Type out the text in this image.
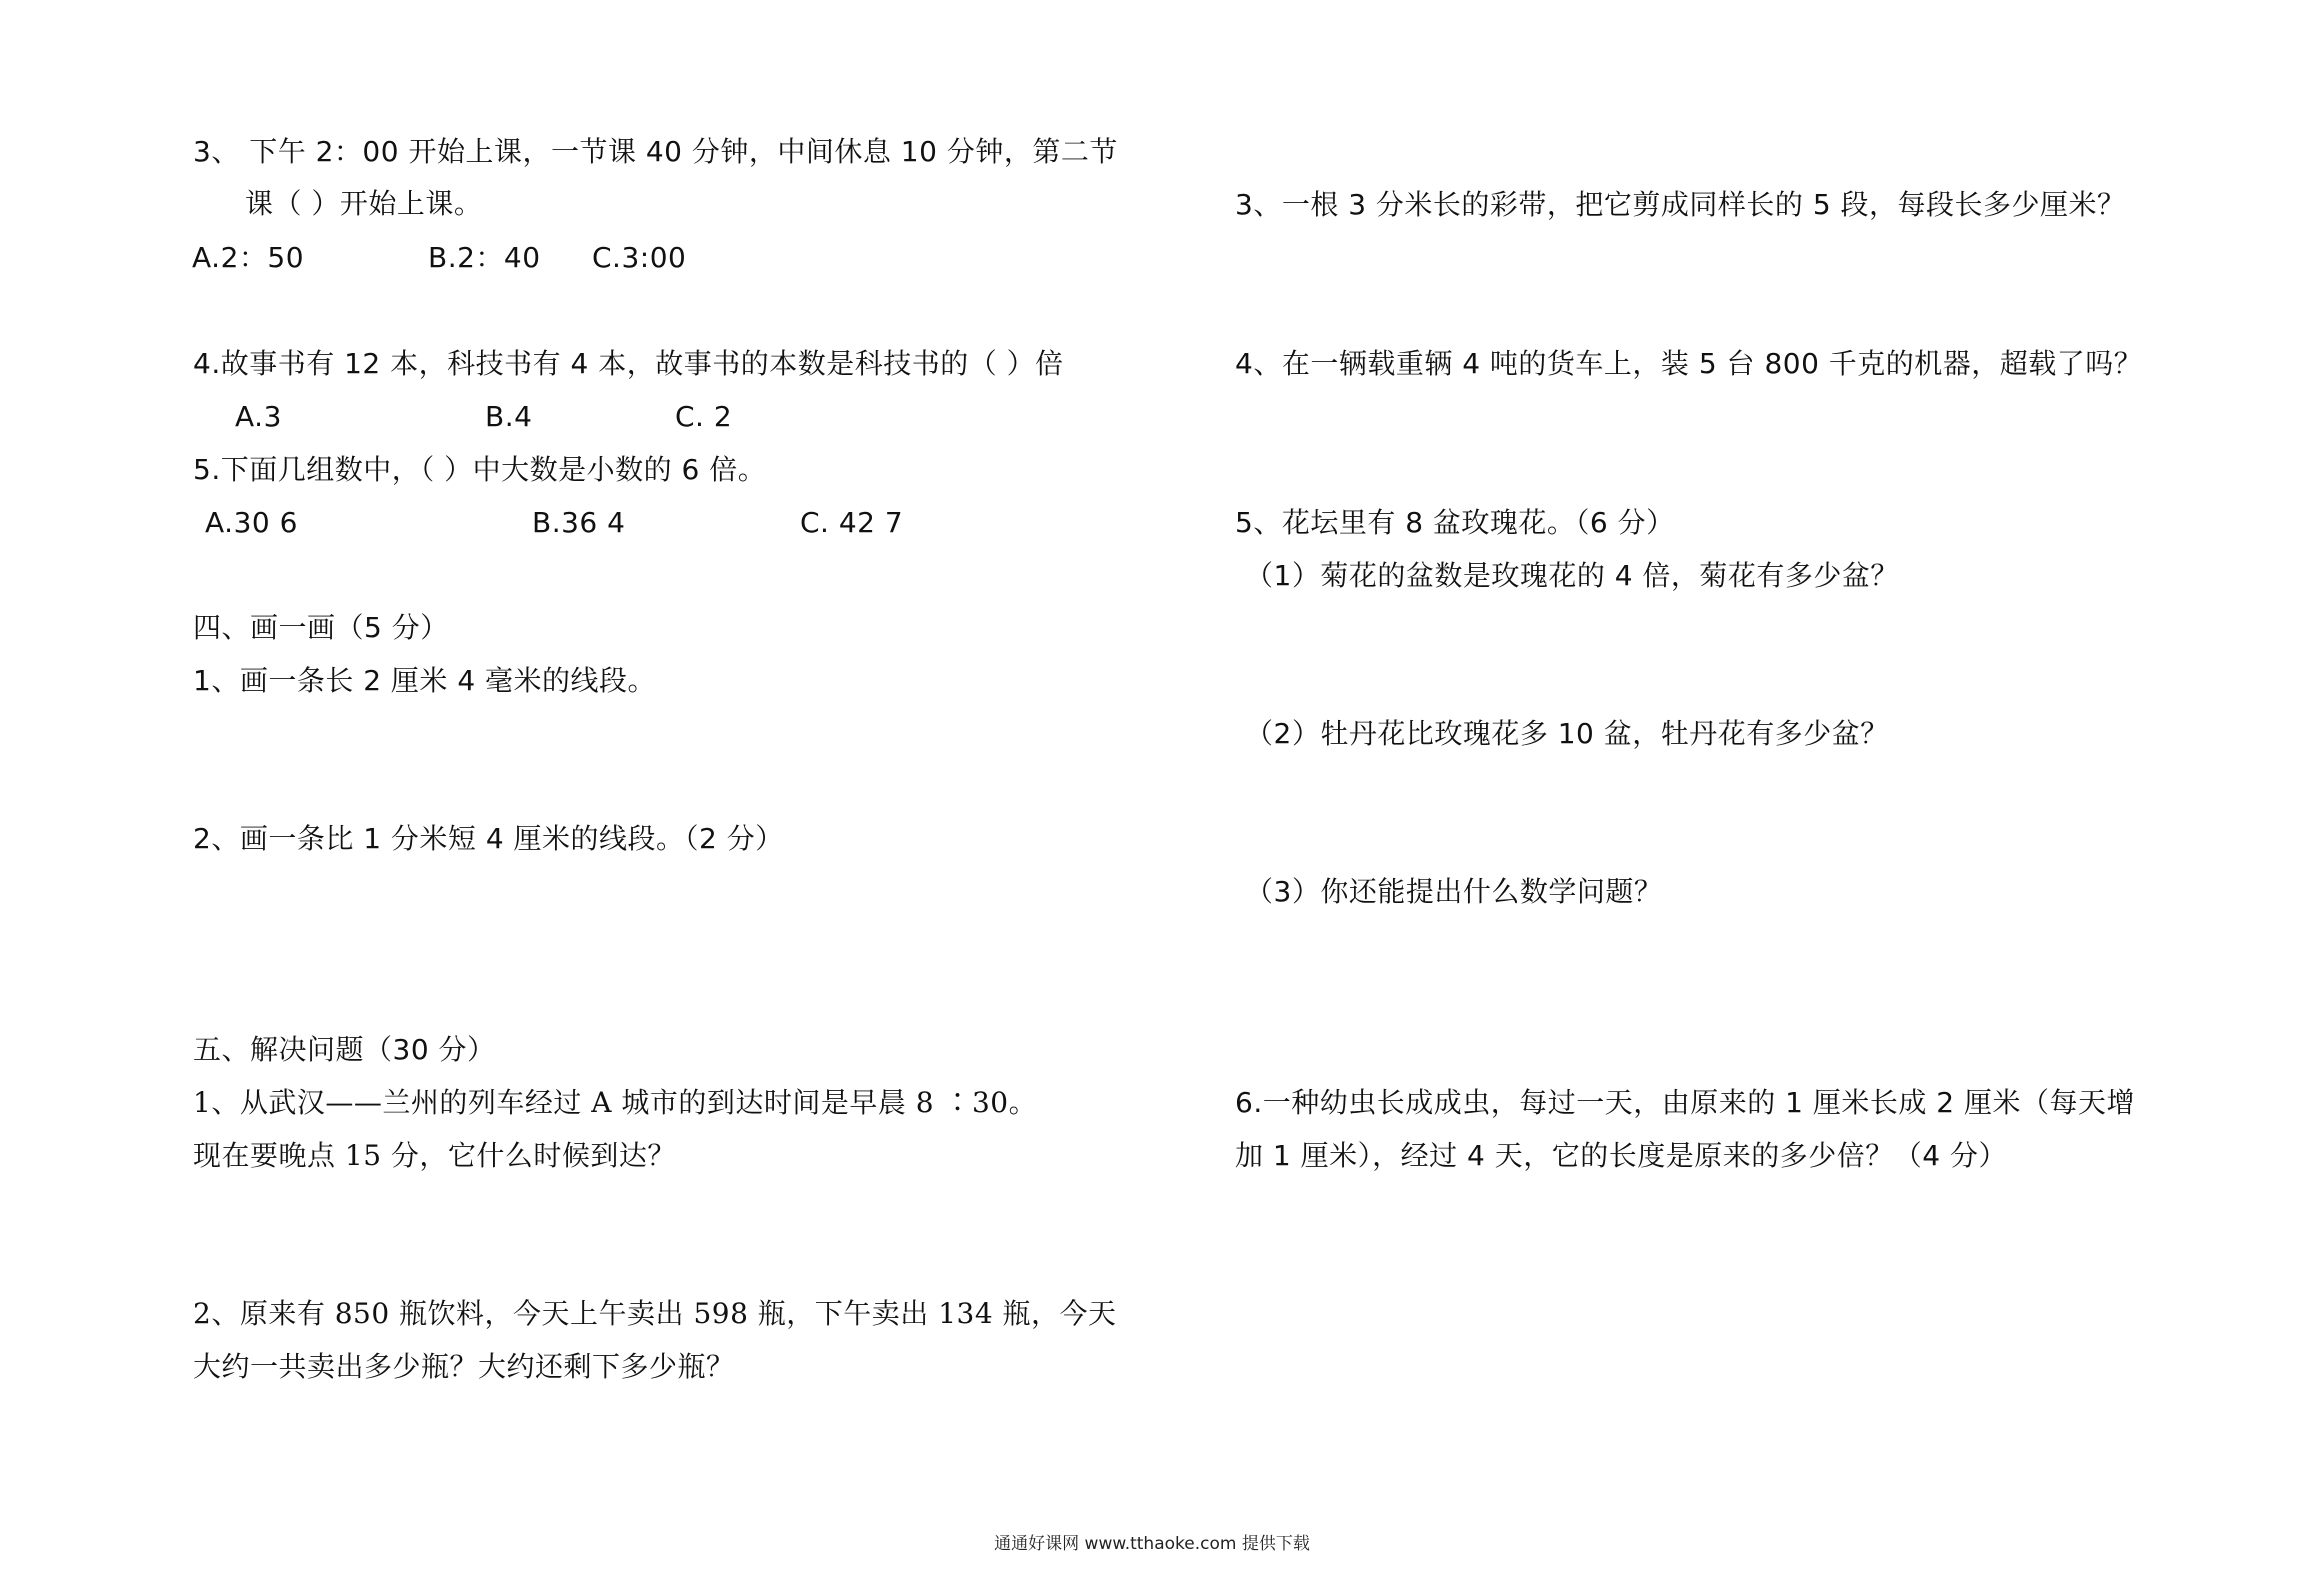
3、 下午 2：00 开始上课，一节课 40 分钟，中间休息 10 分钟，第二节
课（ ）开始上课。
A.2：50	B.2：40 C.3:00
4.故事书有 12 本，科技书有 4 本，故事书的本数是科技书的（ ）倍
A.3	B.4	C. 2
5.下面几组数中，（ ）中大数是小数的 6 倍。
A.30 6	B.36 4	C. 42 7
四、画一画（5 分）
1、画一条长 2 厘米 4 毫米的线段。
2、画一条比 1 分米短 4 厘米的线段。（2 分）
五、解决问题（30 分）
1、从武汉——兰州的列车经过 A 城市的到达时间是早晨 8 ∶30。
现在要晚点 15 分，它什么时候到达？
2、原来有 850 瓶饮料，今天上午卖出 598 瓶，下午卖出 134 瓶，今天
大约一共卖出多少瓶？大约还剩下多少瓶？
3、一根 3 分米长的彩带，把它剪成同样长的 5 段，每段长多少厘米？
4、在一辆载重辆 4 吨的货车上，装 5 台 800 千克的机器，超载了吗？
5、花坛里有 8 盆玫瑰花。（6 分）
（1）菊花的盆数是玫瑰花的 4 倍，菊花有多少盆？
（2）牡丹花比玫瑰花多 10 盆，牡丹花有多少盆？
（3）你还能提出什么数学问题？
6.一种幼虫长成成虫，每过一天，由原来的 1 厘米长成 2 厘米（每天增
加 1 厘米），经过 4 天，它的长度是原来的多少倍？（4 分）
通通好课网 www.tthaoke.com 提供下载
